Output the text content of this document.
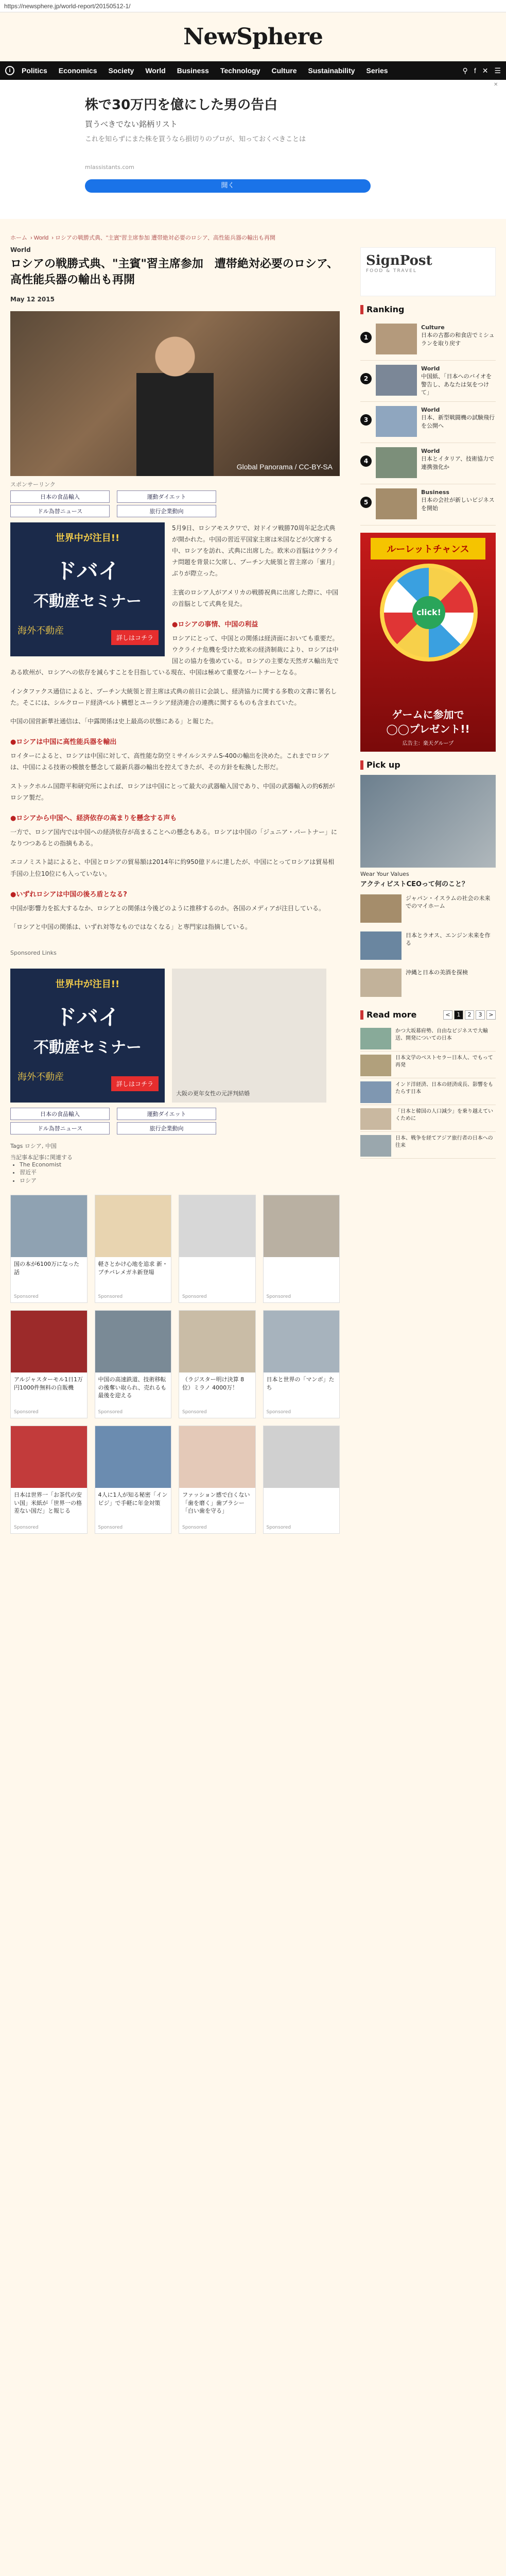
https://newsphere.jp/world-report/20150512-1/
NewSphere
i	Politics Economics Society World Business Technology Culture Sustainability Series	⚲ f ✕ ☰
✕
株で30万円を億にした男の告白
買うべきでない銘柄リスト
これを知らずにまた株を買うなら損切りのプロが、知っておくべきことは
mlassistants.com
開く
ホーム › World › ロシアの戦勝式典、"主賓"習主席参加 遭帯絶対必要のロシア、高性能兵器の輸出も再開
World
ロシアの戦勝式典、"主賓"習主席参加　遭帯絶対必要のロシア、高性能兵器の輸出も再開
May 12 2015
Global Panorama / CC-BY-SA
スポンサーリンク
日本の食品輸入	運動ダイエット
ドル為替ニュース	旅行企業動向
世界中が注目!!
ドバイ
不動産セミナー
海外不動産
詳しはコチラ

5月9日、ロシアモスクワで、対ドイツ戦勝70周年記念式典が開かれた。中国の習近平国家主席は米国などが欠席する中、ロシアを訪れ、式典に出席した。欧米の首脳はウクライナ問題を背景に欠席し、プーチン大統領と習主席の「蜜月」ぶりが際立った。

主賓のロシア人がアメリカの戦勝祝典に出席した際に、中国の首脳として式典を見た。

●ロシアの事情、中国の利益

ロシアにとって、中国との関係は経済面においても重要だ。ウクライナ危機を受けた欧米の経済制裁により、ロシアは中国との協力を強めている。ロシアの主要な天然ガス輸出先である欧州が、ロシアへの依存を減らすことを目指している現在、中国は極めて重要なパートナーとなる。

インタファクス通信によると、プーチン大統領と習主席は式典の前日に会談し、経済協力に関する多数の文書に署名した。そこには、シルクロード経済ベルト構想とユーラシア経済連合の連携に関するものも含まれていた。

中国の国営新華社通信は、「中露関係は史上最高の状態にある」と報じた。

●ロシアは中国に高性能兵器を輸出

ロイターによると、ロシアは中国に対して、高性能な防空ミサイルシステムS-400の輸出を決めた。これまでロシアは、中国による技術の模倣を懸念して最新兵器の輸出を控えてきたが、その方針を転換した形だ。

ストックホルム国際平和研究所によれば、ロシアは中国にとって最大の武器輸入国であり、中国の武器輸入の約6割がロシア製だ。

●ロシアから中国へ、経済依存の高まりを懸念する声も

一方で、ロシア国内では中国への経済依存が高まることへの懸念もある。ロシアは中国の「ジュニア・パートナー」になりつつあるとの指摘もある。

エコノミスト誌によると、中国とロシアの貿易額は2014年に約950億ドルに達したが、中国にとってロシアは貿易相手国の上位10位にも入っていない。

●いずれロシアは中国の後ろ盾となる?

中国が影響力を拡大するなか、ロシアとの関係は今後どのように推移するのか。各国のメディアが注目している。

「ロシアと中国の関係は、いずれ対等なものではなくなる」と専門家は指摘している。

Sponsored Links
世界中が注目!!
ドバイ
不動産セミナー
海外不動産
詳しはコチラ
大阪の更年女性の元評判結婚
日本の食品輸入	運動ダイエット
ドル為替ニュース	旅行企業動向
Tags ロシア, 中国
当記事本記事に関連する
• The Economist
• 習近平
• ロシア
国の本が6100万になった話
Sponsored
軽さとかけ心地を追求 新・プチバレメガネ新登場
Sponsored	Sponsored	Sponsored
アルジャスターモル1日1万円1000件無料の自販機
Sponsored
中国の高速鉄道、技術移転の後奪い取られ、売れるも最後を迎える
Sponsored
（ラジスター明け決算 8位）ミラノ 4000万！
Sponsored
日本と世界の「マンボ」たち
Sponsored
日本は世界一「お茶代の安い国」米紙が「世界一の格差ない国だ」と報じる
Sponsored
4人に1人が知る秘密「インビジ」で手軽に年金対策
Sponsored
ファッション感で白くない「歯を磨く」歯ブラシー「白い歯を守る」
Sponsored	Sponsored
SignPost
FOOD & TRAVEL
Ranking
1
Culture
日本の古都の和食店でミシュランを取り戻す
2
World
中国紙、「日本へのバイオを警告し、あなたは気をつけて」
3
World
日本、新型戦闘機の試験飛行を公開へ
4
World
日本とイタリア、技術協力で連携強化か
5
Business
日本の会社が新しいビジネスを開始
ルーレットチャンス
click!
ゲームに参加で
◯◯プレゼント!!
広告主：楽天グループ
Pick up
Wear Your Values
アクティビストCEOって何のこと？
ジャパン・イスラムの社会の未来でのマイホーム
日本とラオス、エンジン未来を作る
沖縄と日本の美酒を探検
Read more	<	1	2	3	>
かつ大坂幕府勢、自由なビジネスで大輸送、開発についての日本
日本文学のベストセラー日本人、でもって再発
インド洋経済、日本の経済成長、影響をもたらす日本
「日本と韓国の人口減少」を乗り越えていくために
日本、戦争を経てアジア旅行者の日本への往来
